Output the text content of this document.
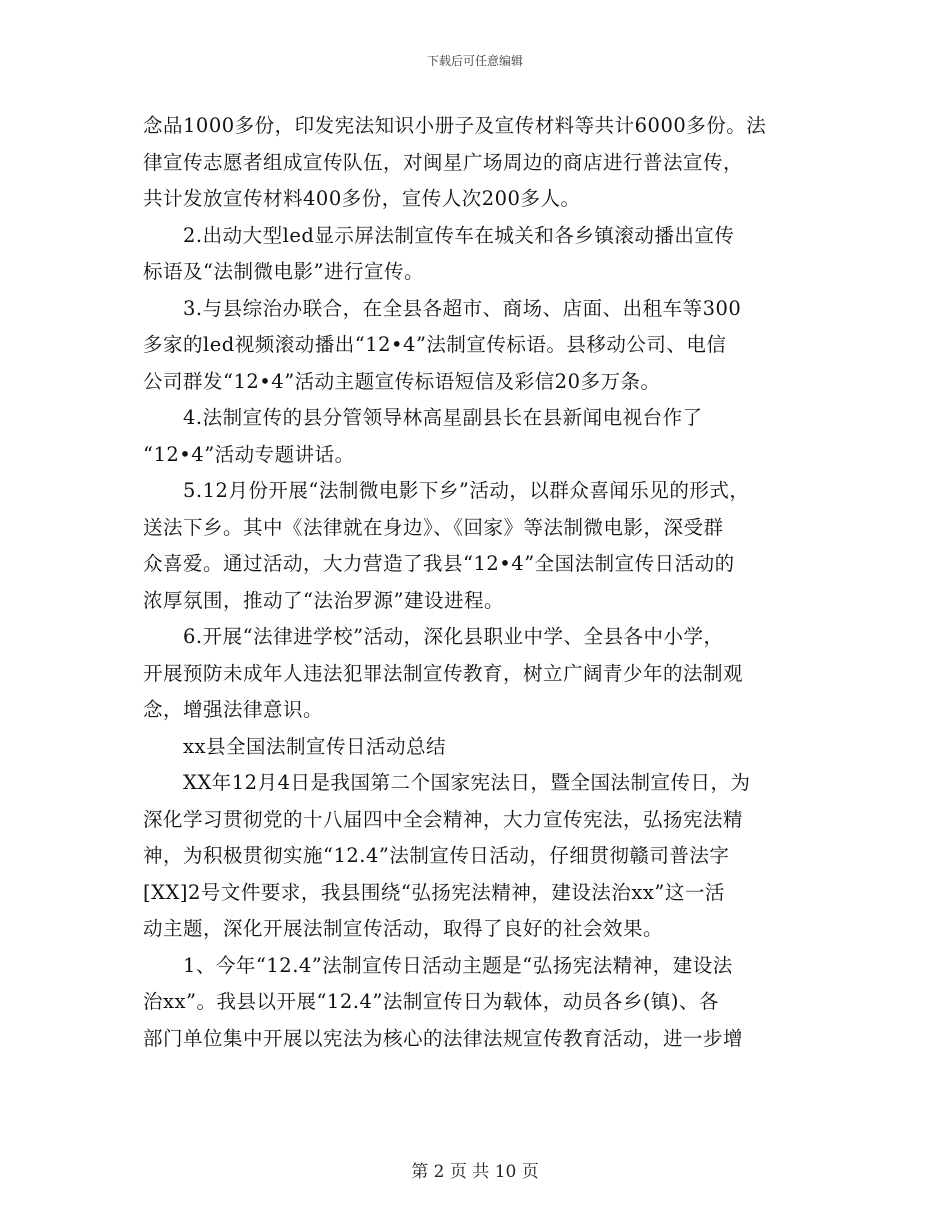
下载后可任意编辑
念品1000多份，印发宪法知识小册子及宣传材料等共计6000多份。法
律宣传志愿者组成宣传队伍，对闽星广场周边的商店进行普法宣传，
共计发放宣传材料400多份，宣传人次200多人。
2.出动大型led显示屏法制宣传车在城关和各乡镇滚动播出宣传
标语及“法制微电影”进行宣传。
3.与县综治办联合，在全县各超市、商场、店面、出租车等300
多家的led视频滚动播出“12•4”法制宣传标语。县移动公司、电信
公司群发“12•4”活动主题宣传标语短信及彩信20多万条。
4.法制宣传的县分管领导林高星副县长在县新闻电视台作了
“12•4”活动专题讲话。
5.12月份开展“法制微电影下乡”活动，以群众喜闻乐见的形式，
送法下乡。其中《法律就在身边》、《回家》等法制微电影，深受群
众喜爱。通过活动，大力营造了我县“12•4”全国法制宣传日活动的
浓厚氛围，推动了“法治罗源”建设进程。
6.开展“法律进学校”活动，深化县职业中学、全县各中小学，
开展预防未成年人违法犯罪法制宣传教育，树立广阔青少年的法制观
念，增强法律意识。
xx县全国法制宣传日活动总结
XX年12月4日是我国第二个国家宪法日，暨全国法制宣传日，为
深化学习贯彻党的十八届四中全会精神，大力宣传宪法，弘扬宪法精
神，为积极贯彻实施“12.4”法制宣传日活动，仔细贯彻赣司普法字
[XX]2号文件要求，我县围绕“弘扬宪法精神，建设法治xx”这一活
动主题，深化开展法制宣传活动，取得了良好的社会效果。
1、今年“12.4”法制宣传日活动主题是“弘扬宪法精神，建设法
治xx”。我县以开展“12.4”法制宣传日为载体，动员各乡(镇)、各
部门单位集中开展以宪法为核心的法律法规宣传教育活动，进一步增
第 2 页 共 10 页
